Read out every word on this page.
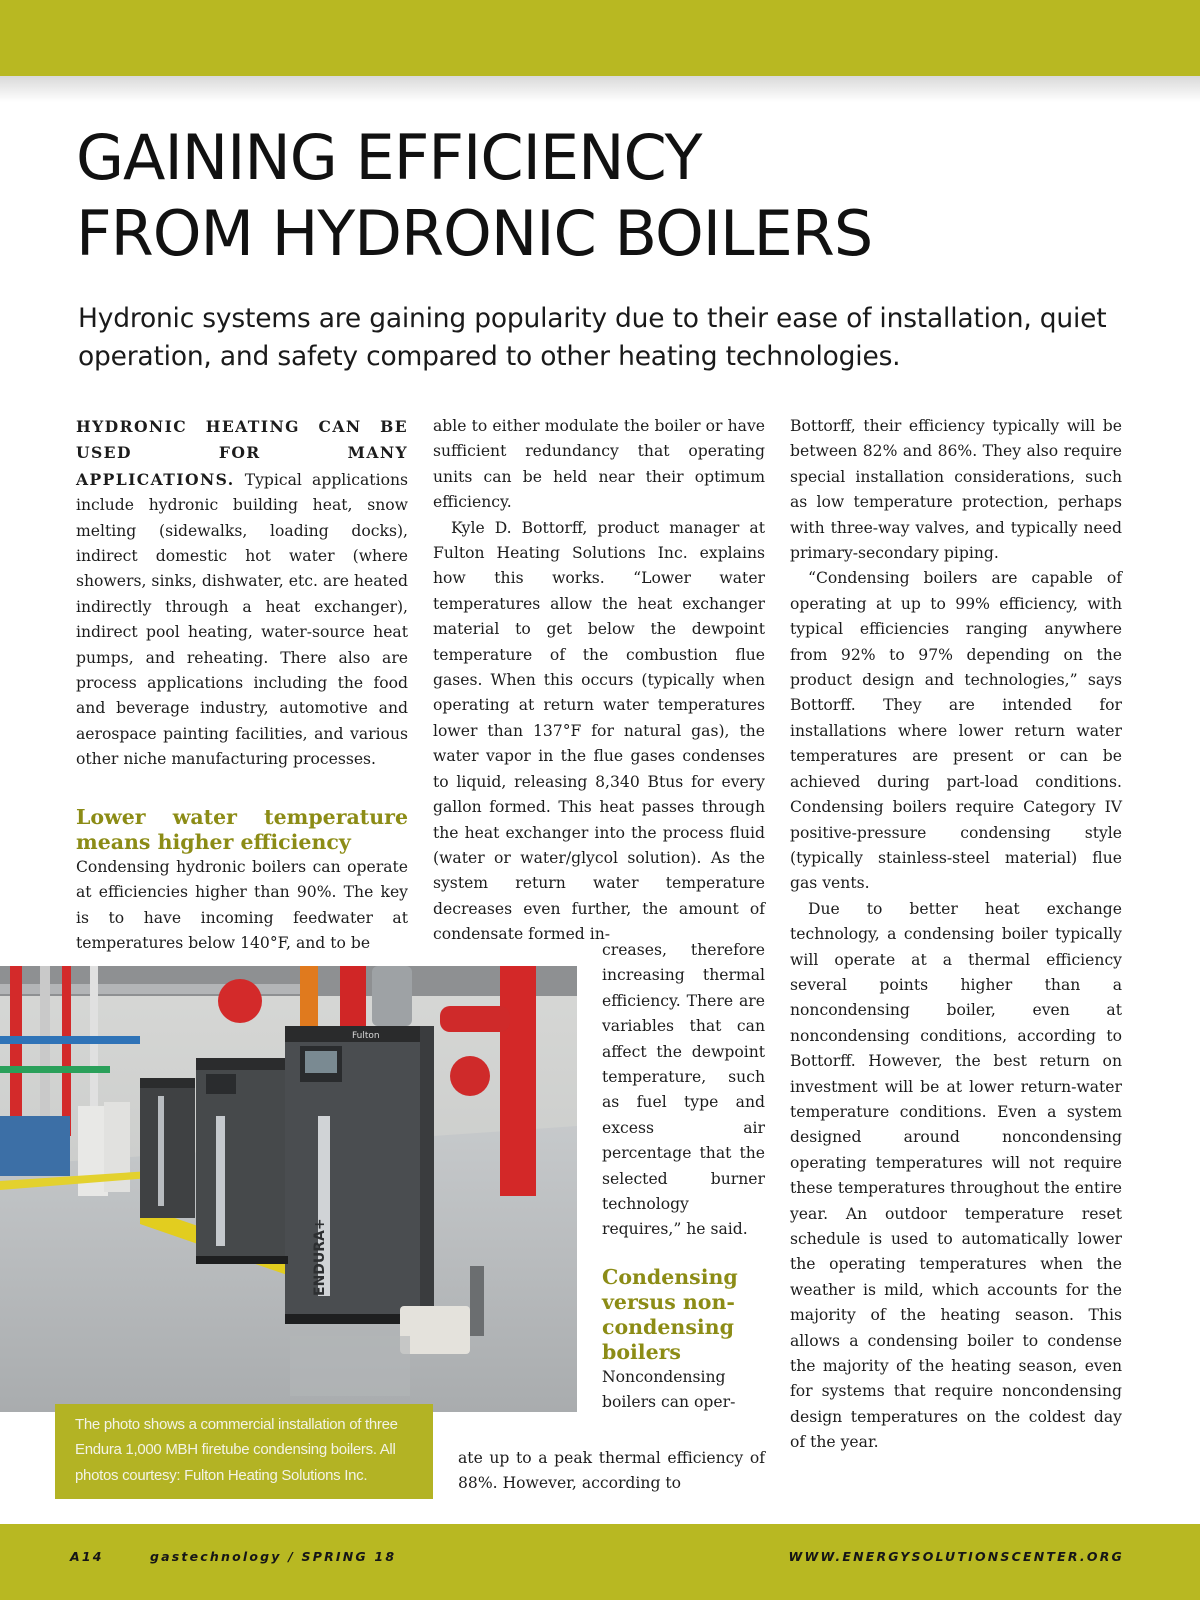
GAINING EFFICIENCY
FROM HYDRONIC BOILERS

Hydronic systems are gaining popularity due to their ease of installation, quiet operation, and safety compared to other heating technologies.

HYDRONIC HEATING CAN BE USED FOR MANY APPLICATIONS. Typical applications include hydronic building heat, snow melting (sidewalks, loading docks), indirect domestic hot water (where showers, sinks, dishwater, etc. are heated indirectly through a heat exchanger), indirect pool heating, water-source heat pumps, and reheating. There also are process applications including the food and beverage industry, automotive and aerospace painting facilities, and various other niche manufacturing processes.

Lower water temperature means higher efficiency

Condensing hydronic boilers can operate at efficiencies higher than 90%. The key is to have incoming feedwater at temperatures below 140°F, and to be

able to either modulate the boiler or have sufficient redundancy that operating units can be held near their optimum efficiency.

Kyle D. Bottorff, product manager at Fulton Heating Solutions Inc. explains how this works. “Lower water temperatures allow the heat exchanger material to get below the dewpoint temperature of the combustion flue gases. When this occurs (typically when operating at return water temperatures lower than 137°F for natural gas), the water vapor in the flue gases condenses to liquid, releasing 8,340 Btus for every gallon formed. This heat passes through the heat exchanger into the process fluid (water or water/glycol solution). As the system return water temperature decreases even further, the amount of condensate formed in-

creases, therefore increasing thermal efficiency. There are variables that can affect the dewpoint temperature, such as fuel type and excess air percentage that the selected burner technology requires,” he said.

Condensing versus non-condensing boilers

Noncondensing boilers can oper-

ate up to a peak thermal efficiency of 88%. However, according to

Bottorff, their efficiency typically will be between 82% and 86%. They also require special installation considerations, such as low temperature protection, perhaps with three-way valves, and typically need primary-secondary piping.

“Condensing boilers are capable of operating at up to 99% efficiency, with typical efficiencies ranging anywhere from 92% to 97% depending on the product design and technologies,” says Bottorff. They are intended for installations where lower return water temperatures are present or can be achieved during part-load conditions. Condensing boilers require Category IV positive-pressure condensing style (typically stainless-steel material) flue gas vents.

Due to better heat exchange technology, a condensing boiler typically will operate at a thermal efficiency several points higher than a noncondensing boiler, even at noncondensing conditions, according to Bottorff. However, the best return on investment will be at lower return-water temperature conditions. Even a system designed around noncondensing operating temperatures will not require these temperatures throughout the entire year. An outdoor temperature reset schedule is used to automatically lower the operating temperatures when the weather is mild, which accounts for the majority of the heating season. This allows a condensing boiler to condense the majority of the heating season, even for systems that require noncondensing design temperatures on the coldest day of the year.

ENDURA+
Fulton

The photo shows a commercial installation of three Endura 1,000 MBH firetube condensing boilers. All photos courtesy: Fulton Heating Solutions Inc.

A14	gastechnology / SPRING 18	WWW.ENERGYSOLUTIONSCENTER.ORG
